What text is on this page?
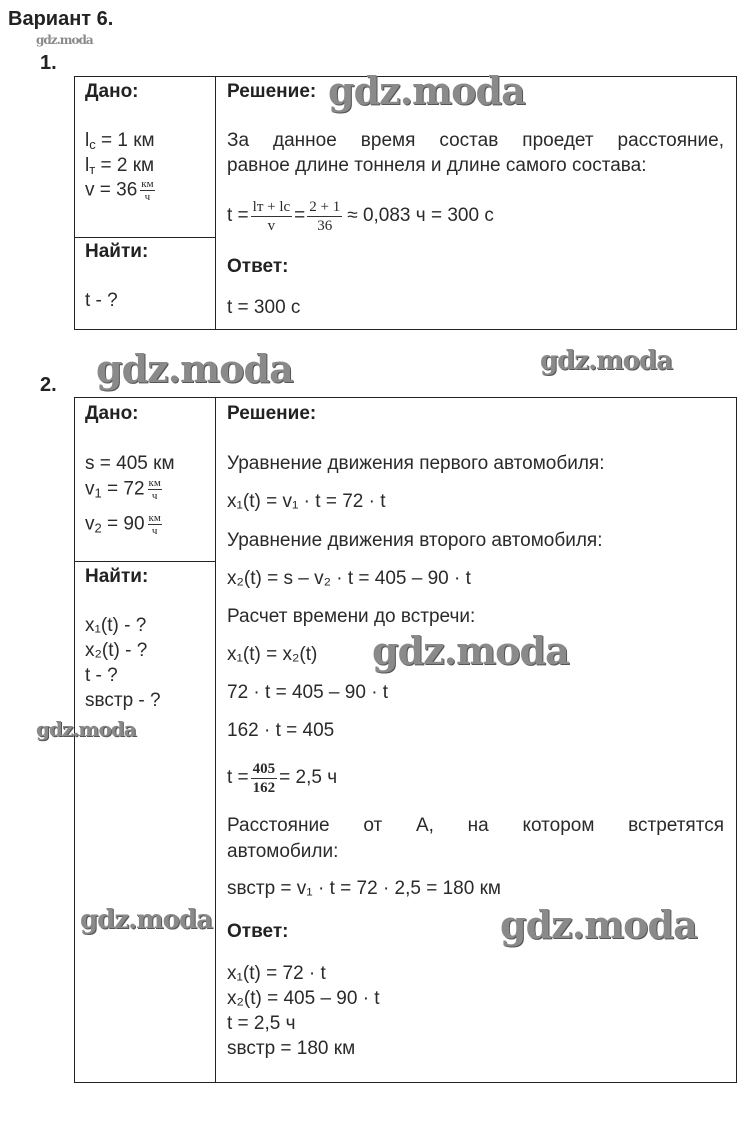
Вариант 6.
gdz.moda
1.
Дано:
$l_с = 1$ км
$l_т = 2$ км
v = 36 км
ч
Найти:
t - ?
Решение: gdz.moda
За данное время состав проедет расстояние,
равное длине тоннеля и длине самого состава:
$t = \frac{lт + lс}{v} = \frac{2 + 1}{36} \approx 0,083$ ч = 300 с
Ответ:
t = 300 с
gdz.moda	gdz.moda
2.
Дано:
s = 405 км
$v_1 = 72$ км
ч
$v_2 = 90$ км
ч
Найти:
x₁(t) - ?
x₂(t) - ?
t - ?
sвстр - ?
gdz.moda
gdz.moda
Решение:
Уравнение движения первого автомобиля:
x₁(t) = v₁ · t = 72 · t
Уравнение движения второго автомобиля:
x₂(t) = s – v₂ · t = 405 – 90 · t
Расчет времени до встречи:
x₁(t) = x₂(t) gdz.moda
72 · t = 405 – 90 · t
162 · t = 405
$t = \frac{405}{162} = 2,5$ ч
Расстояние от А, на котором встретятся
автомобили:
sвстр = v₁ · t = 72 · 2,5 = 180 км
Ответ:	gdz.moda
x₁(t) = 72 · t
x₂(t) = 405 – 90 · t
t = 2,5 ч
sвстр = 180 км
